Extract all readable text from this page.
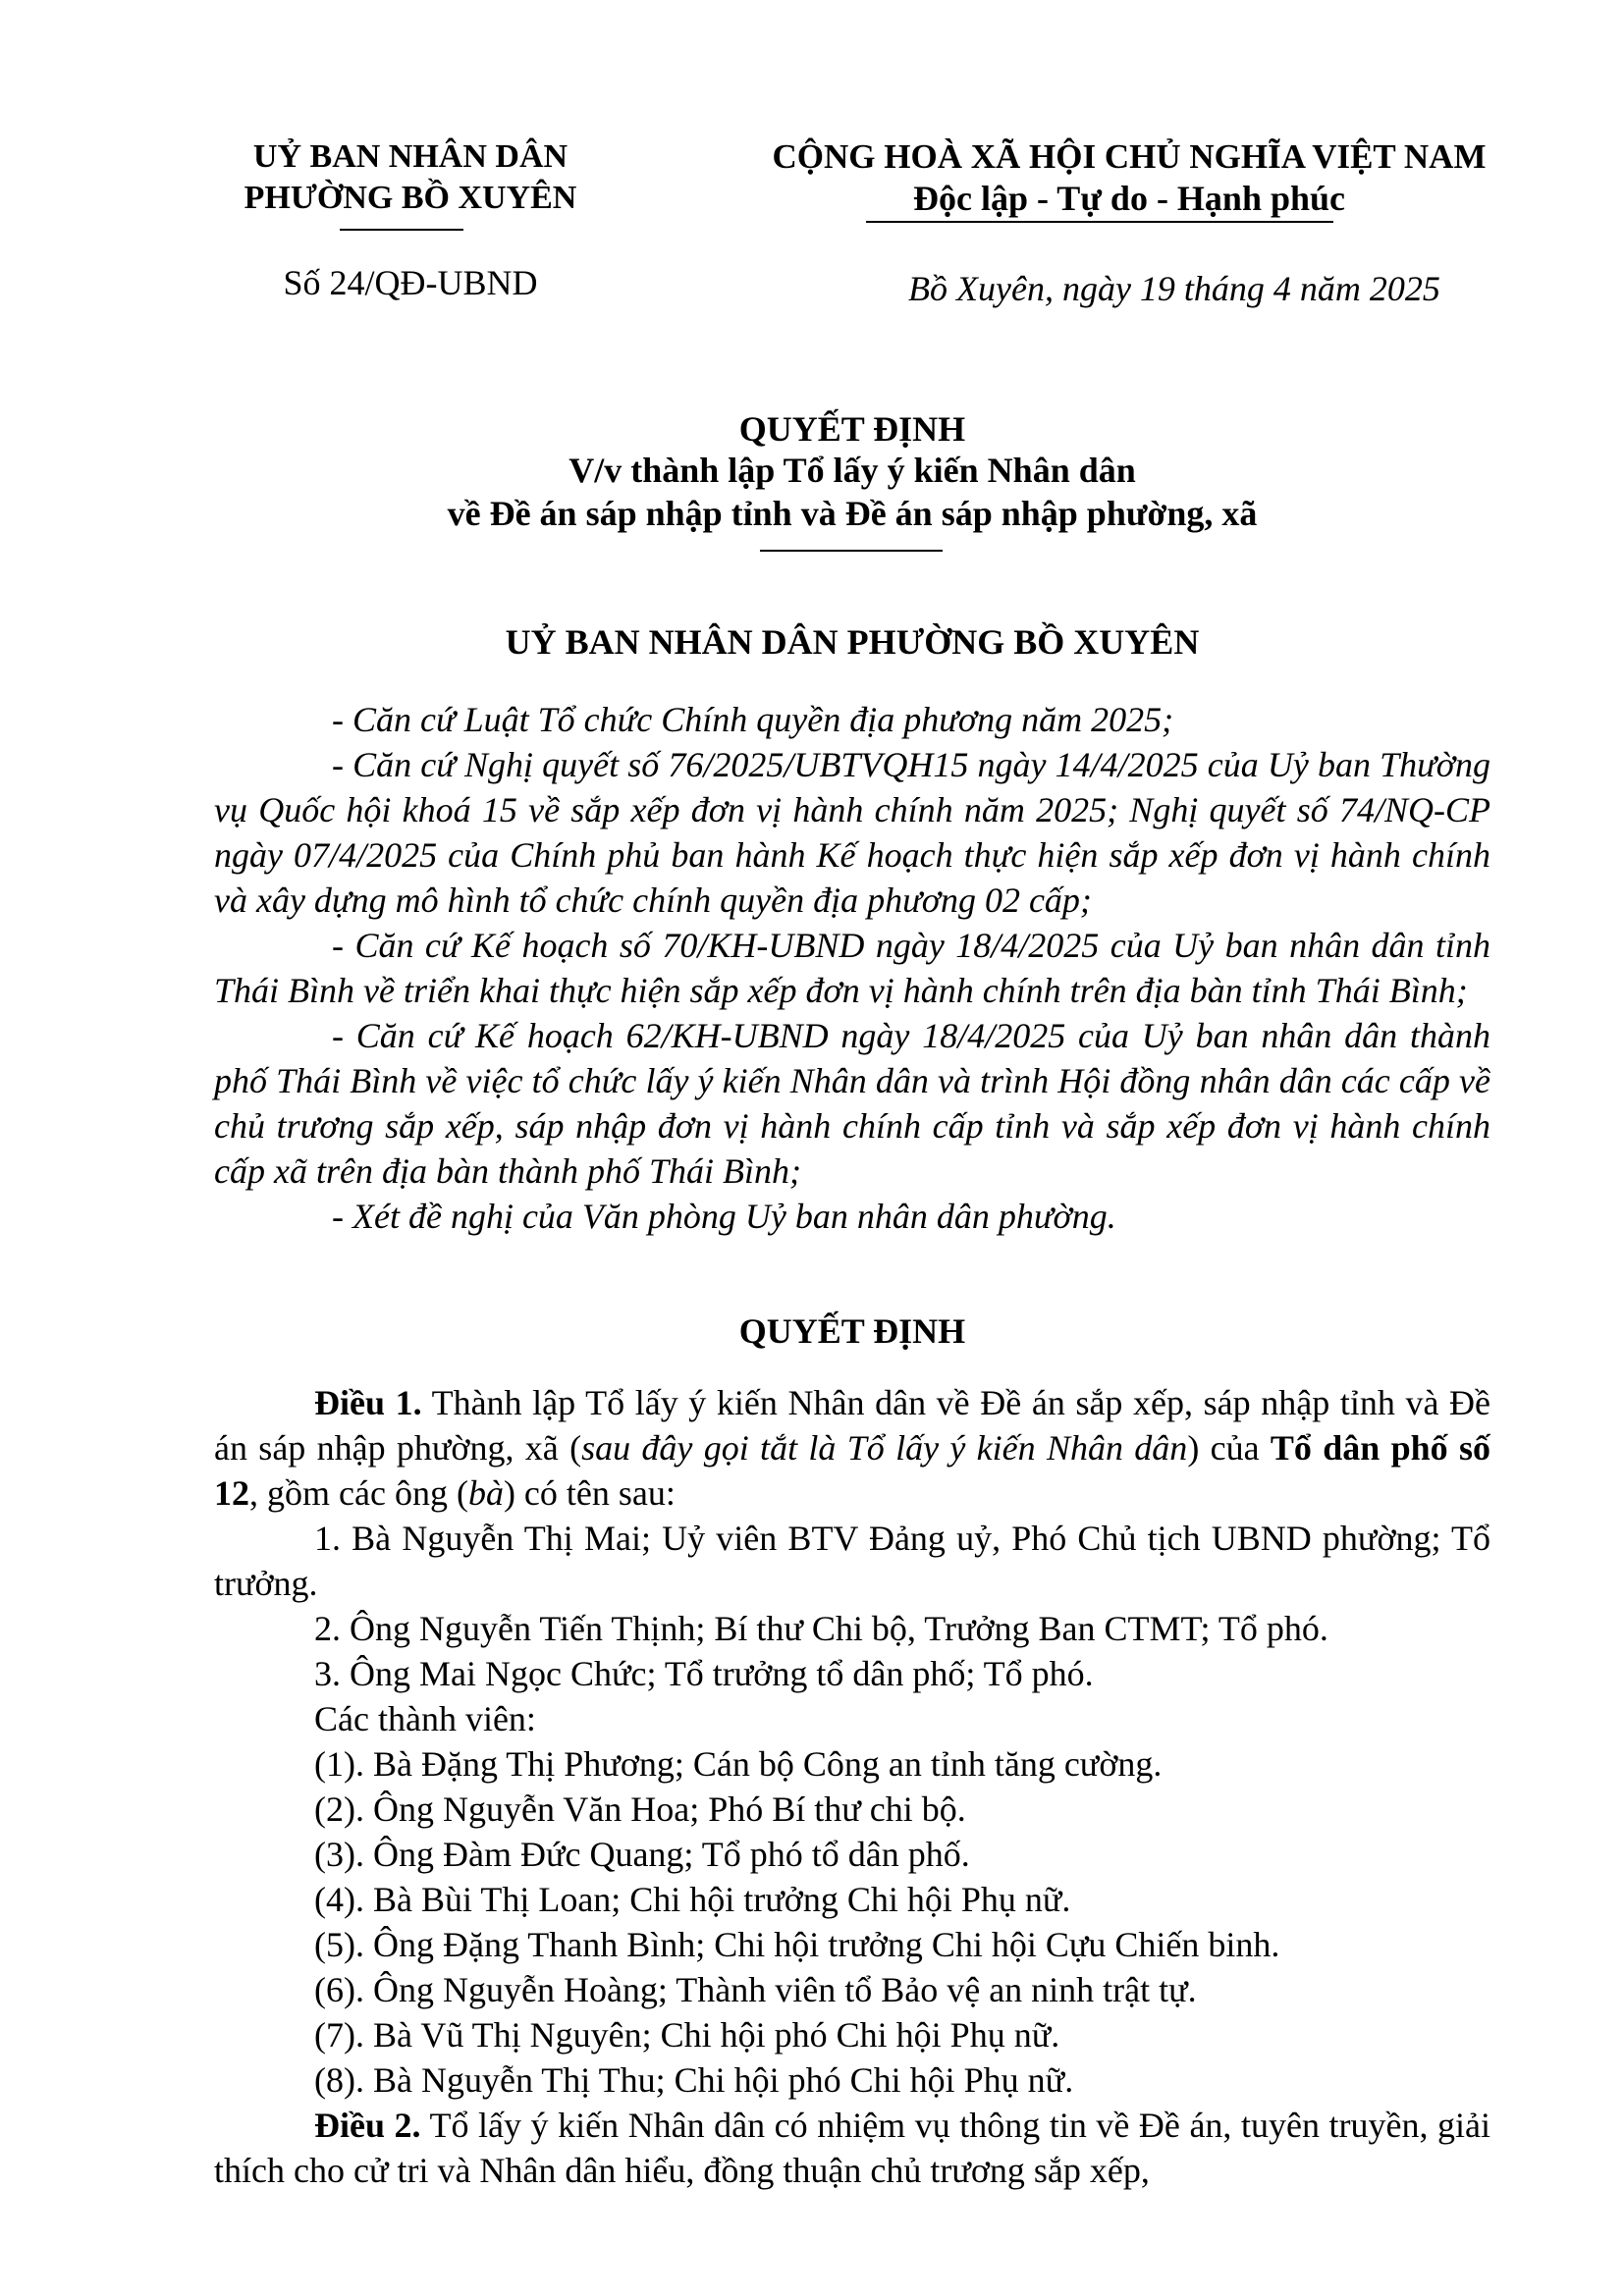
UỶ BAN NHÂN DÂN
PHƯỜNG BỒ XUYÊN
Số 24/QĐ-UBND
CỘNG HOÀ XÃ HỘI CHỦ NGHĨA VIỆT NAM
Độc lập - Tự do - Hạnh phúc
Bồ Xuyên, ngày 19 tháng 4 năm 2025
QUYẾT ĐỊNH
V/v thành lập Tổ lấy ý kiến Nhân dân
về Đề án sáp nhập tỉnh và Đề án sáp nhập phường, xã
UỶ BAN NHÂN DÂN PHƯỜNG BỒ XUYÊN

- Căn cứ Luật Tổ chức Chính quyền địa phương năm 2025;

- Căn cứ Nghị quyết số 76/2025/UBTVQH15 ngày 14/4/2025 của Uỷ ban Thường vụ Quốc hội khoá 15 về sắp xếp đơn vị hành chính năm 2025; Nghị quyết số 74/NQ-CP ngày 07/4/2025 của Chính phủ ban hành Kế hoạch thực hiện sắp xếp đơn vị hành chính và xây dựng mô hình tổ chức chính quyền địa phương 02 cấp;

- Căn cứ Kế hoạch số 70/KH-UBND ngày 18/4/2025 của Uỷ ban nhân dân tỉnh Thái Bình về triển khai thực hiện sắp xếp đơn vị hành chính trên địa bàn tỉnh Thái Bình;

- Căn cứ Kế hoạch 62/KH-UBND ngày 18/4/2025 của Uỷ ban nhân dân thành phố Thái Bình về việc tổ chức lấy ý kiến Nhân dân và trình Hội đồng nhân dân các cấp về chủ trương sắp xếp, sáp nhập đơn vị hành chính cấp tỉnh và sắp xếp đơn vị hành chính cấp xã trên địa bàn thành phố Thái Bình;

- Xét đề nghị của Văn phòng Uỷ ban nhân dân phường.

QUYẾT ĐỊNH

Điều 1. Thành lập Tổ lấy ý kiến Nhân dân về Đề án sắp xếp, sáp nhập tỉnh và Đề án sáp nhập phường, xã (sau đây gọi tắt là Tổ lấy ý kiến Nhân dân) của Tổ dân phố số 12, gồm các ông (bà) có tên sau:

1. Bà Nguyễn Thị Mai; Uỷ viên BTV Đảng uỷ, Phó Chủ tịch UBND phường; Tổ trưởng.

2. Ông Nguyễn Tiến Thịnh; Bí thư Chi bộ, Trưởng Ban CTMT; Tổ phó.

3. Ông Mai Ngọc Chức; Tổ trưởng tổ dân phố; Tổ phó.

Các thành viên:

(1). Bà Đặng Thị Phương; Cán bộ Công an tỉnh tăng cường.

(2). Ông Nguyễn Văn Hoa; Phó Bí thư chi bộ.

(3). Ông Đàm Đức Quang; Tổ phó tổ dân phố.

(4). Bà Bùi Thị Loan; Chi hội trưởng Chi hội Phụ nữ.

(5). Ông Đặng Thanh Bình; Chi hội trưởng Chi hội Cựu Chiến binh.

(6). Ông Nguyễn Hoàng; Thành viên tổ Bảo vệ an ninh trật tự.

(7). Bà Vũ Thị Nguyên; Chi hội phó Chi hội Phụ nữ.

(8). Bà Nguyễn Thị Thu; Chi hội phó Chi hội Phụ nữ.

Điều 2. Tổ lấy ý kiến Nhân dân có nhiệm vụ thông tin về Đề án, tuyên truyền, giải thích cho cử tri và Nhân dân hiểu, đồng thuận chủ trương sắp xếp,
